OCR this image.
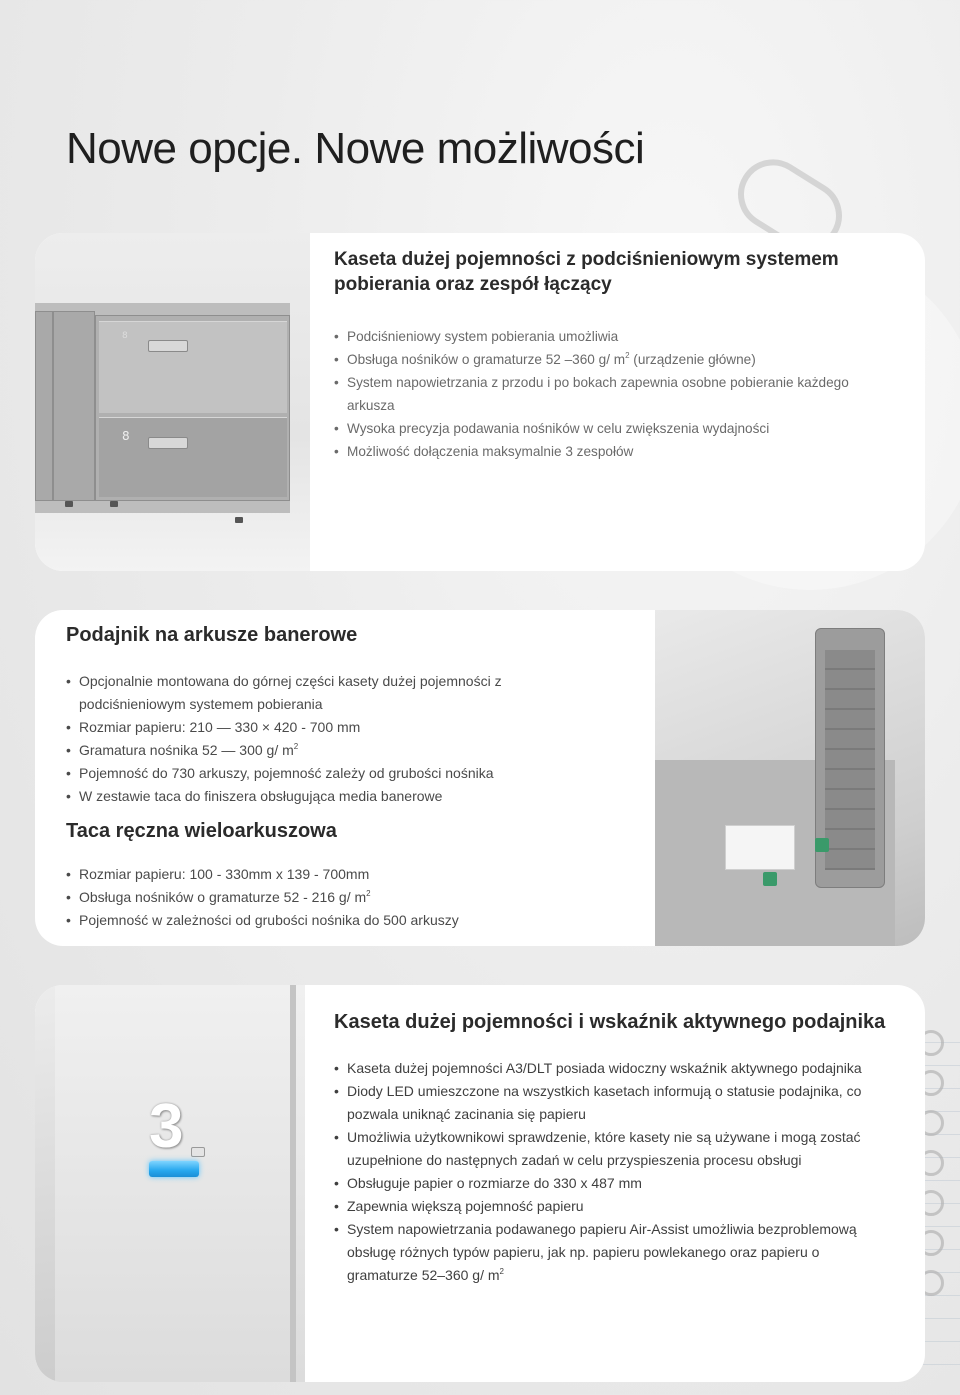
Nowe opcje. Nowe możliwości
8
8
Kaseta dużej pojemności z podciśnieniowym systemem pobierania oraz zespół łączący
• Podciśnieniowy system pobierania umożliwia
• Obsługa nośników o gramaturze 52 –360 g/ $m^2$ (urządzenie główne)
• System napowietrzania z przodu i po bokach zapewnia osobne pobieranie każdego arkusza
• Wysoka precyzja podawania nośników w celu zwiększenia wydajności
• Możliwość dołączenia maksymalnie 3 zespołów
Podajnik na arkusze banerowe
• Opcjonalnie montowana do górnej części kasety dużej pojemności z podciśnieniowym systemem pobierania
• Rozmiar papieru: 210 — 330 × 420 - 700 mm
• Gramatura nośnika 52 — 300 g/ $m^2$
• Pojemność do 730 arkuszy, pojemność zależy od grubości nośnika
• W zestawie taca do finiszera obsługująca media banerowe
Taca ręczna wieloarkuszowa
• Rozmiar papieru: 100 - 330mm x 139 - 700mm
• Obsługa nośników o gramaturze 52 - 216 g/ $m^2$
• Pojemność w zależności od grubości nośnika do 500 arkuszy
3
Kaseta dużej pojemności i wskaźnik aktywnego podajnika
• Kaseta dużej pojemności A3/DLT posiada widoczny wskaźnik aktywnego podajnika
• Diody LED umieszczone na wszystkich kasetach informują o statusie podajnika, co pozwala uniknąć zacinania się papieru
• Umożliwia użytkownikowi sprawdzenie, które kasety nie są używane i mogą zostać uzupełnione do następnych zadań w celu przyspieszenia procesu obsługi
• Obsługuje papier o rozmiarze do 330 x 487 mm
• Zapewnia większą pojemność papieru
• System napowietrzania podawanego papieru Air-Assist umożliwia bezproblemową obsługę różnych typów papieru, jak np. papieru powlekanego oraz papieru o gramaturze 52–360 g/ $m^2$
